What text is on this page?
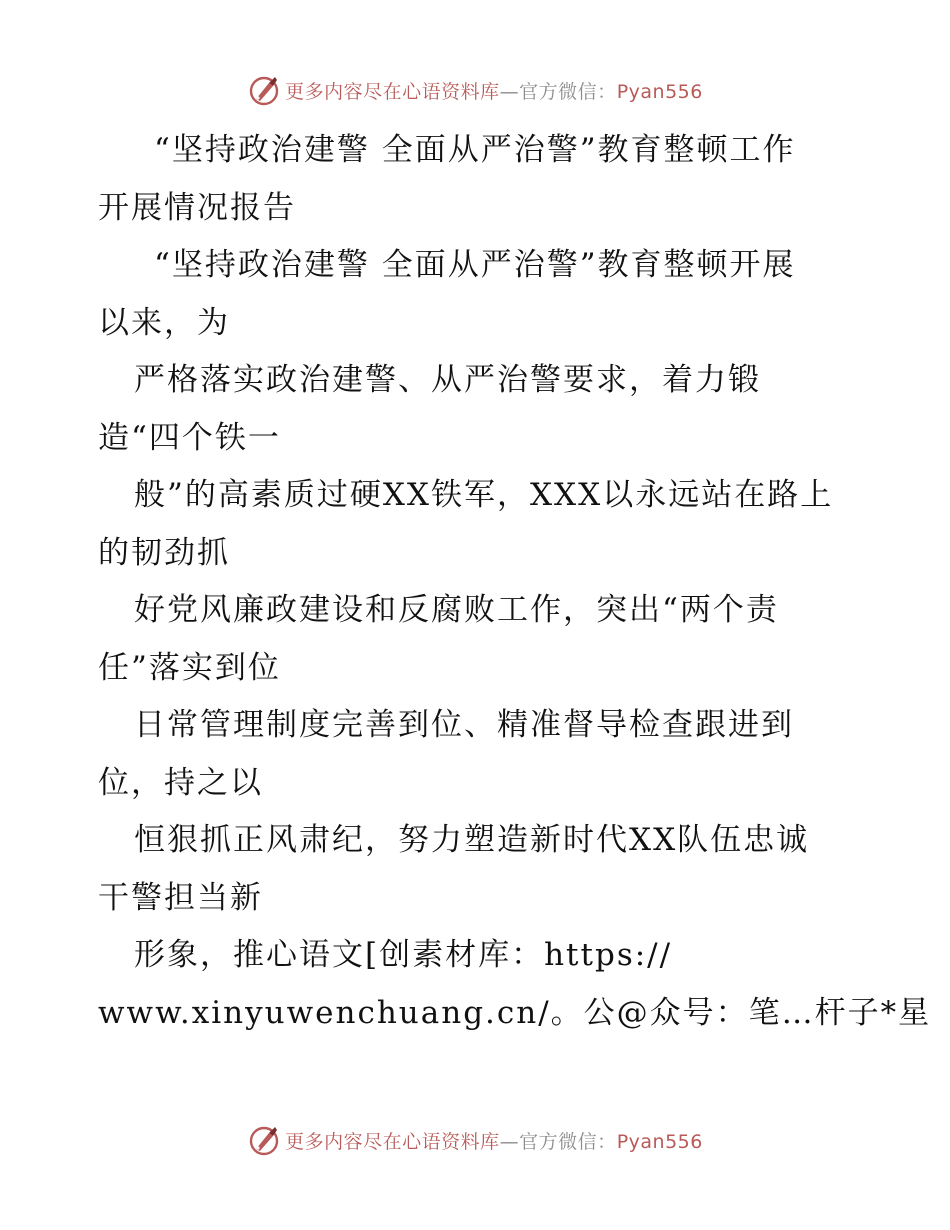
更多内容尽在心语资料库—官方微信：Pyan556
“坚持政治建警 全面从严治警”教育整顿工作
开展情况报告
“坚持政治建警 全面从严治警”教育整顿开展
以来，为
严格落实政治建警、从严治警要求，着力锻
造“四个铁一
般”的高素质过硬XX铁军，XXX以永远站在路上
的韧劲抓
好党风廉政建设和反腐败工作，突出“两个责
任”落实到位
日常管理制度完善到位、精准督导检查跟进到
位，持之以
恒狠抓正风肃纪，努力塑造新时代XX队伍忠诚
干警担当新
形象，推心语文[创素材库：https://
www.xinyuwenchuang.cn/。公@众号：笔…杆子*星
更多内容尽在心语资料库—官方微信：Pyan556
